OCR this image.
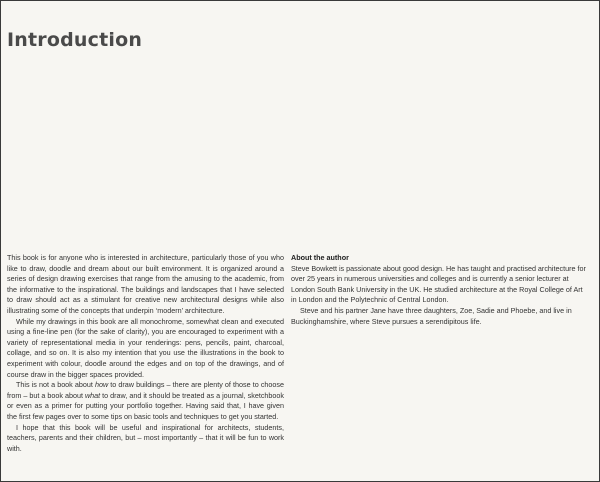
Introduction

This book is for anyone who is interested in architecture, particularly those of you who like to draw, doodle and dream about our built environment. It is organized around a series of design drawing exercises that range from the amusing to the academic, from the informative to the inspirational. The buildings and landscapes that I have selected to draw should act as a stimulant for creative new architectural designs while also illustrating some of the concepts that underpin ‘modern’ architecture.

While my drawings in this book are all monochrome, somewhat clean and executed using a fine-line pen (for the sake of clarity), you are encouraged to experiment with a variety of representational media in your renderings: pens, pencils, paint, charcoal, collage, and so on. It is also my intention that you use the illustrations in the book to experiment with colour, doodle around the edges and on top of the drawings, and of course draw in the bigger spaces provided.

This is not a book about how to draw buildings – there are plenty of those to choose from – but a book about what to draw, and it should be treated as a journal, sketchbook or even as a primer for putting your portfolio together. Having said that, I have given the first few pages over to some tips on basic tools and techniques to get you started.

I hope that this book will be useful and inspirational for architects, students, teachers, parents and their children, but – most importantly – that it will be fun to work with.

About the author

Steve Bowkett is passionate about good design. He has taught and practised architecture for over 25 years in numerous universities and colleges and is currently a senior lecturer at London South Bank University in the UK. He studied architecture at the Royal College of Art in London and the Polytechnic of Central London.

Steve and his partner Jane have three daughters, Zoe, Sadie and Phoebe, and live in Buckinghamshire, where Steve pursues a serendipitous life.
